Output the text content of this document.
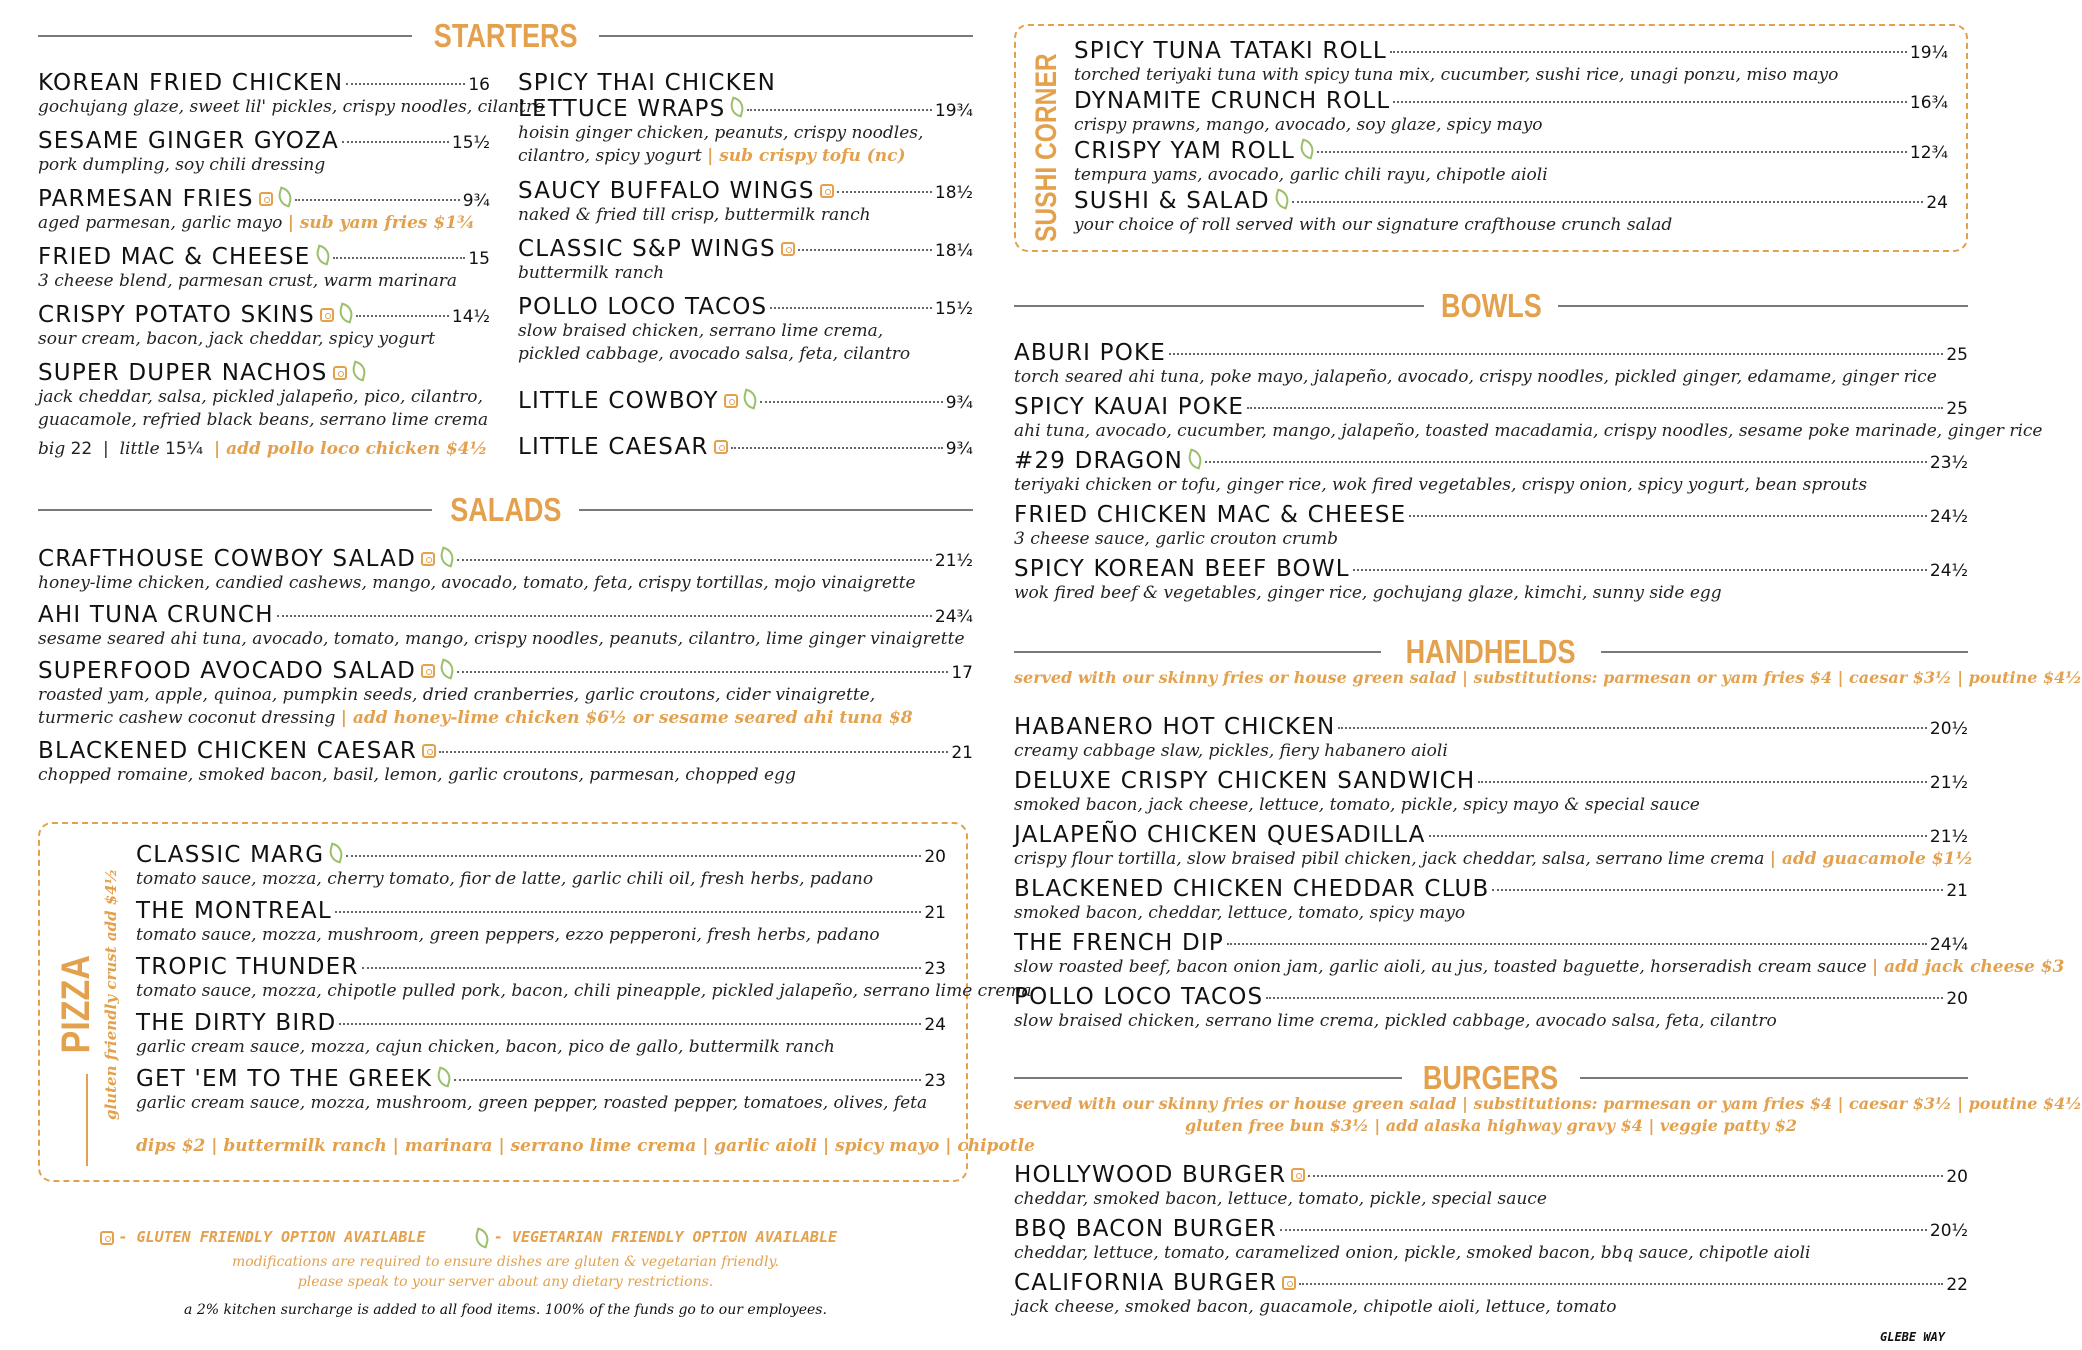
STARTERS
KOREAN FRIED CHICKEN	16
gochujang glaze, sweet lil' pickles, crispy noodles, cilantro
SESAME GINGER GYOZA	15½
pork dumpling, soy chili dressing
PARMESAN FRIES	9¾
aged parmesan, garlic mayo | sub yam fries $1¾
FRIED MAC & CHEESE	15
3 cheese blend, parmesan crust, warm marinara
CRISPY POTATO SKINS	14½
sour cream, bacon, jack cheddar, spicy yogurt
SUPER DUPER NACHOS
jack cheddar, salsa, pickled jalapeño, pico, cilantro,
guacamole, refried black beans, serrano lime crema
big 22  |  little 15¼ | add pollo loco chicken $4½
SPICY THAI CHICKEN
LETTUCE WRAPS	19¾
hoisin ginger chicken, peanuts, crispy noodles,
cilantro, spicy yogurt | sub crispy tofu (nc)
SAUCY BUFFALO WINGS	18½
naked & fried till crisp, buttermilk ranch
CLASSIC S&P WINGS	18¼
buttermilk ranch
POLLO LOCO TACOS	15½
slow braised chicken, serrano lime crema,
pickled cabbage, avocado salsa, feta, cilantro
LITTLE COWBOY	9¾
LITTLE CAESAR	9¾
SALADS
CRAFTHOUSE COWBOY SALAD	21½
honey-lime chicken, candied cashews, mango, avocado, tomato, feta, crispy tortillas, mojo vinaigrette
AHI TUNA CRUNCH	24¾
sesame seared ahi tuna, avocado, tomato, mango, crispy noodles, peanuts, cilantro, lime ginger vinaigrette
SUPERFOOD AVOCADO SALAD	17
roasted yam, apple, quinoa, pumpkin seeds, dried cranberries, garlic croutons, cider vinaigrette,
turmeric cashew coconut dressing | add honey-lime chicken $6½ or sesame seared ahi tuna $8
BLACKENED CHICKEN CAESAR	21
chopped romaine, smoked bacon, basil, lemon, garlic croutons, parmesan, chopped egg
PIZZA gluten friendly crust add $4½
CLASSIC MARG	20
tomato sauce, mozza, cherry tomato, fior de latte, garlic chili oil, fresh herbs, padano
THE MONTREAL	21
tomato sauce, mozza, mushroom, green peppers, ezzo pepperoni, fresh herbs, padano
TROPIC THUNDER	23
tomato sauce, mozza, chipotle pulled pork, bacon, chili pineapple, pickled jalapeño, serrano lime crema
THE DIRTY BIRD	24
garlic cream sauce, mozza, cajun chicken, bacon, pico de gallo, buttermilk ranch
GET 'EM TO THE GREEK	23
garlic cream sauce, mozza, mushroom, green pepper, roasted pepper, tomatoes, olives, feta
dips $2 | buttermilk ranch | marinara | serrano lime crema | garlic aioli | spicy mayo | chipotle
- GLUTEN FRIENDLY OPTION AVAILABLE	- VEGETARIAN FRIENDLY OPTION AVAILABLE
modifications are required to ensure dishes are gluten & vegetarian friendly.
please speak to your server about any dietary restrictions.
a 2% kitchen surcharge is added to all food items. 100% of the funds go to our employees.
SUSHI CORNER
SPICY TUNA TATAKI ROLL	19¼
torched teriyaki tuna with spicy tuna mix, cucumber, sushi rice, unagi ponzu, miso mayo
DYNAMITE CRUNCH ROLL	16¾
crispy prawns, mango, avocado, soy glaze, spicy mayo
CRISPY YAM ROLL	12¾
tempura yams, avocado, garlic chili rayu, chipotle aioli
SUSHI & SALAD	24
your choice of roll served with our signature crafthouse crunch salad
BOWLS
ABURI POKE	25
torch seared ahi tuna, poke mayo, jalapeño, avocado, crispy noodles, pickled ginger, edamame, ginger rice
SPICY KAUAI POKE	25
ahi tuna, avocado, cucumber, mango, jalapeño, toasted macadamia, crispy noodles, sesame poke marinade, ginger rice
#29 DRAGON	23½
teriyaki chicken or tofu, ginger rice, wok fired vegetables, crispy onion, spicy yogurt, bean sprouts
FRIED CHICKEN MAC & CHEESE	24½
3 cheese sauce, garlic crouton crumb
SPICY KOREAN BEEF BOWL	24½
wok fired beef & vegetables, ginger rice, gochujang glaze, kimchi, sunny side egg
HANDHELDS
served with our skinny fries or house green salad | substitutions: parmesan or yam fries $4 | caesar $3½ | poutine $4½
HABANERO HOT CHICKEN	20½
creamy cabbage slaw, pickles, fiery habanero aioli
DELUXE CRISPY CHICKEN SANDWICH	21½
smoked bacon, jack cheese, lettuce, tomato, pickle, spicy mayo & special sauce
JALAPEÑO CHICKEN QUESADILLA	21½
crispy flour tortilla, slow braised pibil chicken, jack cheddar, salsa, serrano lime crema | add guacamole $1½
BLACKENED CHICKEN CHEDDAR CLUB	21
smoked bacon, cheddar, lettuce, tomato, spicy mayo
THE FRENCH DIP	24¼
slow roasted beef, bacon onion jam, garlic aioli, au jus, toasted baguette, horseradish cream sauce | add jack cheese $3
POLLO LOCO TACOS	20
slow braised chicken, serrano lime crema, pickled cabbage, avocado salsa, feta, cilantro
BURGERS
served with our skinny fries or house green salad | substitutions: parmesan or yam fries $4 | caesar $3½ | poutine $4½
gluten free bun $3½ | add alaska highway gravy $4 | veggie patty $2
HOLLYWOOD BURGER	20
cheddar, smoked bacon, lettuce, tomato, pickle, special sauce
BBQ BACON BURGER	20½
cheddar, lettuce, tomato, caramelized onion, pickle, smoked bacon, bbq sauce, chipotle aioli
CALIFORNIA BURGER	22
jack cheese, smoked bacon, guacamole, chipotle aioli, lettuce, tomato
GLEBE WAY
